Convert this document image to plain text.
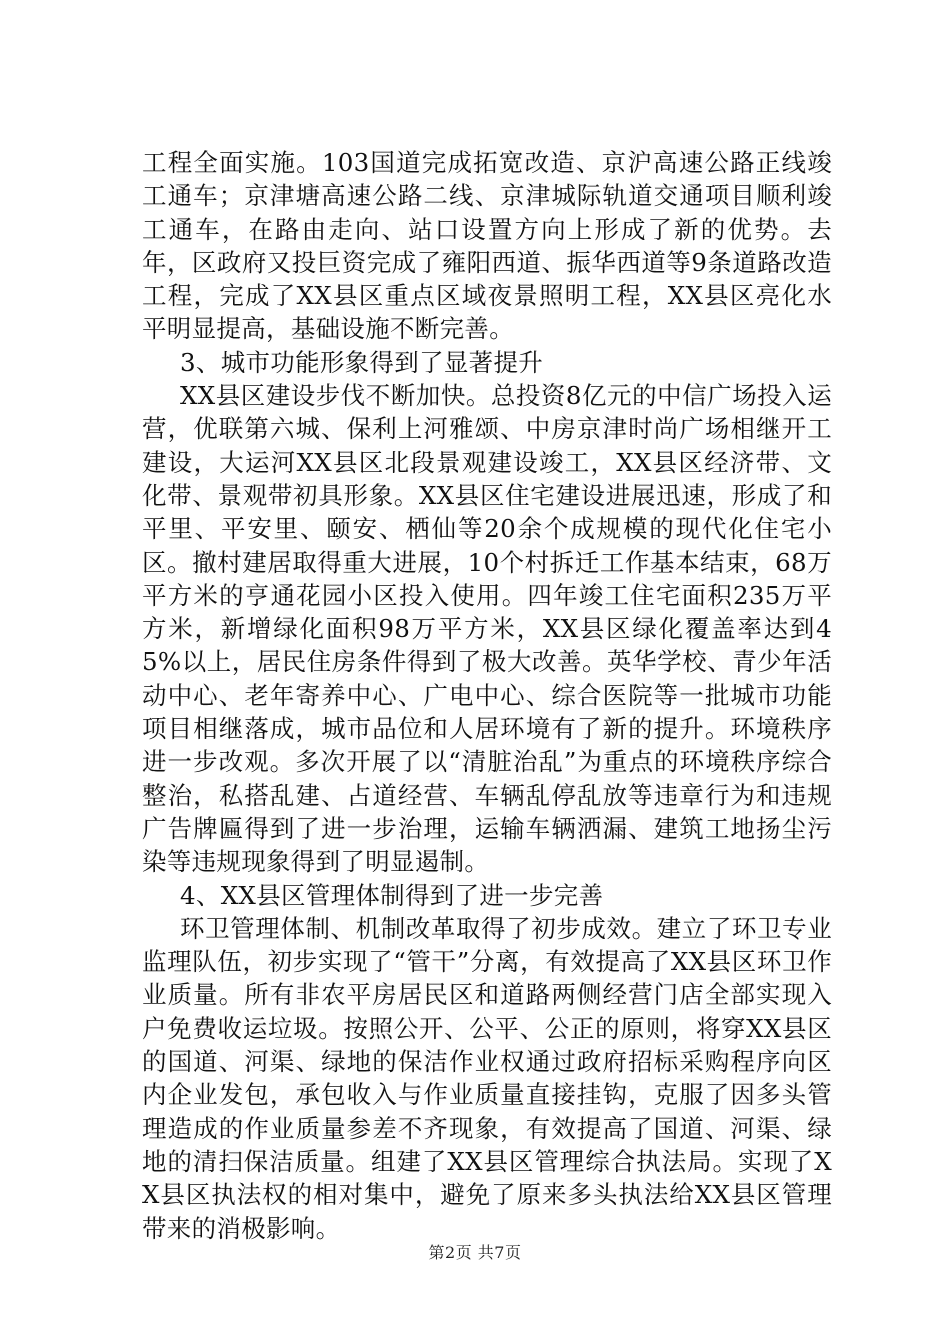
工程全面实施。103国道完成拓宽改造、京沪高速公路正线竣工通车；京津塘高速公路二线、京津城际轨道交通项目顺利竣工通车，在路由走向、站口设置方向上形成了新的优势。去年，区政府又投巨资完成了雍阳西道、振华西道等9条道路改造工程，完成了XX县区重点区域夜景照明工程，XX县区亮化水平明显提高，基础设施不断完善。

3、城市功能形象得到了显著提升

XX县区建设步伐不断加快。总投资8亿元的中信广场投入运营，优联第六城、保利上河雅颂、中房京津时尚广场相继开工建设，大运河XX县区北段景观建设竣工，XX县区经济带、文化带、景观带初具形象。XX县区住宅建设进展迅速，形成了和平里、平安里、颐安、栖仙等20余个成规模的现代化住宅小区。撤村建居取得重大进展，10个村拆迁工作基本结束，68万平方米的亨通花园小区投入使用。四年竣工住宅面积235万平方米，新增绿化面积98万平方米，XX县区绿化覆盖率达到45%以上，居民住房条件得到了极大改善。英华学校、青少年活动中心、老年寄养中心、广电中心、综合医院等一批城市功能项目相继落成，城市品位和人居环境有了新的提升。环境秩序进一步改观。多次开展了以“清脏治乱”为重点的环境秩序综合整治，私搭乱建、占道经营、车辆乱停乱放等违章行为和违规广告牌匾得到了进一步治理，运输车辆洒漏、建筑工地扬尘污染等违规现象得到了明显遏制。

4、XX县区管理体制得到了进一步完善

环卫管理体制、机制改革取得了初步成效。建立了环卫专业监理队伍，初步实现了“管干”分离，有效提高了XX县区环卫作业质量。所有非农平房居民区和道路两侧经营门店全部实现入户免费收运垃圾。按照公开、公平、公正的原则，将穿XX县区的国道、河渠、绿地的保洁作业权通过政府招标采购程序向区内企业发包，承包收入与作业质量直接挂钩，克服了因多头管理造成的作业质量参差不齐现象，有效提高了国道、河渠、绿地的清扫保洁质量。组建了XX县区管理综合执法局。实现了XX县区执法权的相对集中，避免了原来多头执法给XX县区管理带来的消极影响。

第2页 共7页
